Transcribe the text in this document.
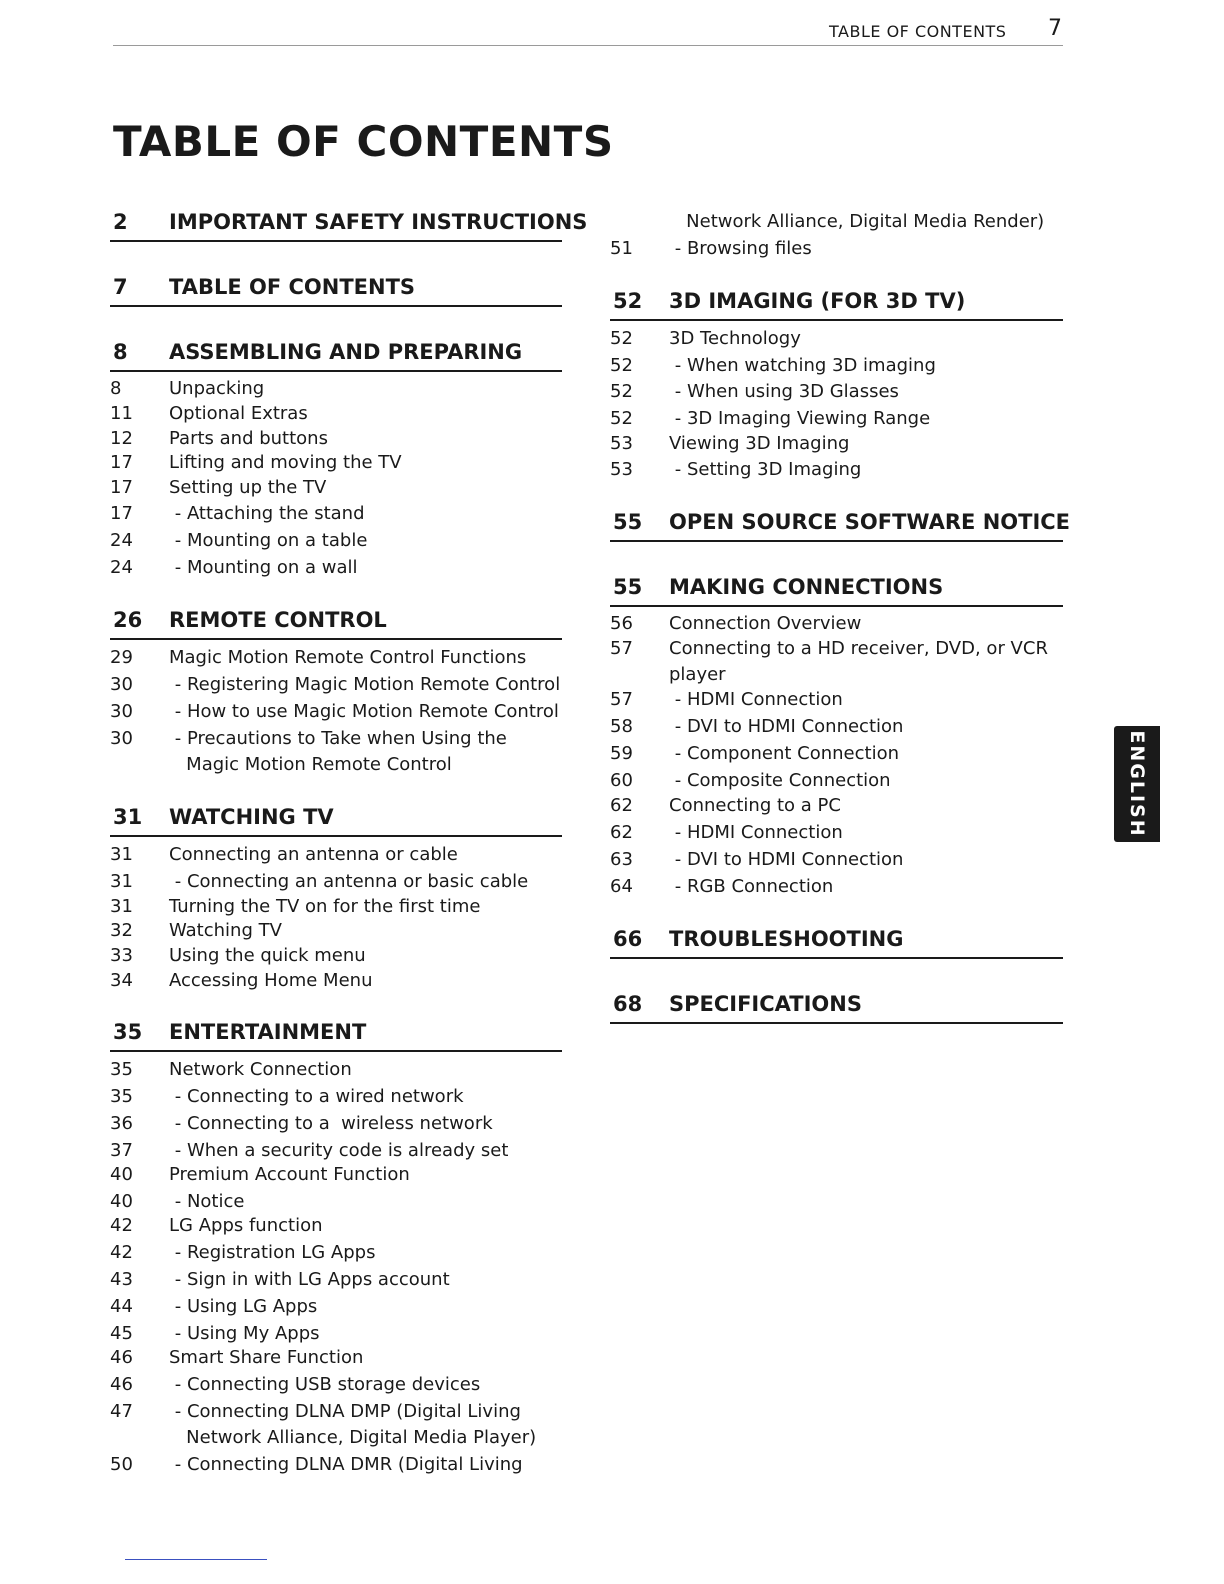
TABLE OF CONTENTS 7
TABLE OF CONTENTS
2 IMPORTANT SAFETY INSTRUCTIONS
7 TABLE OF CONTENTS
8 ASSEMBLING AND PREPARING
8	Unpacking
11 Optional Extras
12 Parts and buttons
17 Lifting and moving the TV
17 Setting up the TV
17 - Attaching the stand
24 - Mounting on a table
24 - Mounting on a wall
26 REMOTE CONTROL
29 Magic Motion Remote Control Functions
30 - Registering Magic Motion Remote Control
30 - How to use Magic Motion Remote Control
30 - Precautions to Take when Using the
Magic Motion Remote Control
31 WATCHING TV
31 Connecting an antenna or cable
31 - Connecting an antenna or basic cable
31 Turning the TV on for the first time
32 Watching TV
33 Using the quick menu
34 Accessing Home Menu
35 ENTERTAINMENT
35 Network Connection
35 - Connecting to a wired network
36 - Connecting to a  wireless network
37 - When a security code is already set
40 Premium Account Function
40 - Notice
42 LG Apps function
42 - Registration LG Apps
43 - Sign in with LG Apps account
44 - Using LG Apps
45 - Using My Apps
46 Smart Share Function
46 - Connecting USB storage devices
47 - Connecting DLNA DMP (Digital Living
Network Alliance, Digital Media Player)
50 - Connecting DLNA DMR (Digital Living
Network Alliance, Digital Media Render)
51 - Browsing files
52 3D IMAGING (FOR 3D TV)
52 3D Technology
52 - When watching 3D imaging
52 - When using 3D Glasses
52 - 3D Imaging Viewing Range
53 Viewing 3D Imaging
53 - Setting 3D Imaging
55 OPEN SOURCE SOFTWARE NOTICE
55 MAKING CONNECTIONS
56 Connection Overview
57 Connecting to a HD receiver, DVD, or VCR
player
57 - HDMI Connection
58 - DVI to HDMI Connection
59 - Component Connection
60 - Composite Connection
62 Connecting to a PC
62 - HDMI Connection
63 - DVI to HDMI Connection
64 - RGB Connection
66 TROUBLESHOOTING
68 SPECIFICATIONS
ENGLISH
